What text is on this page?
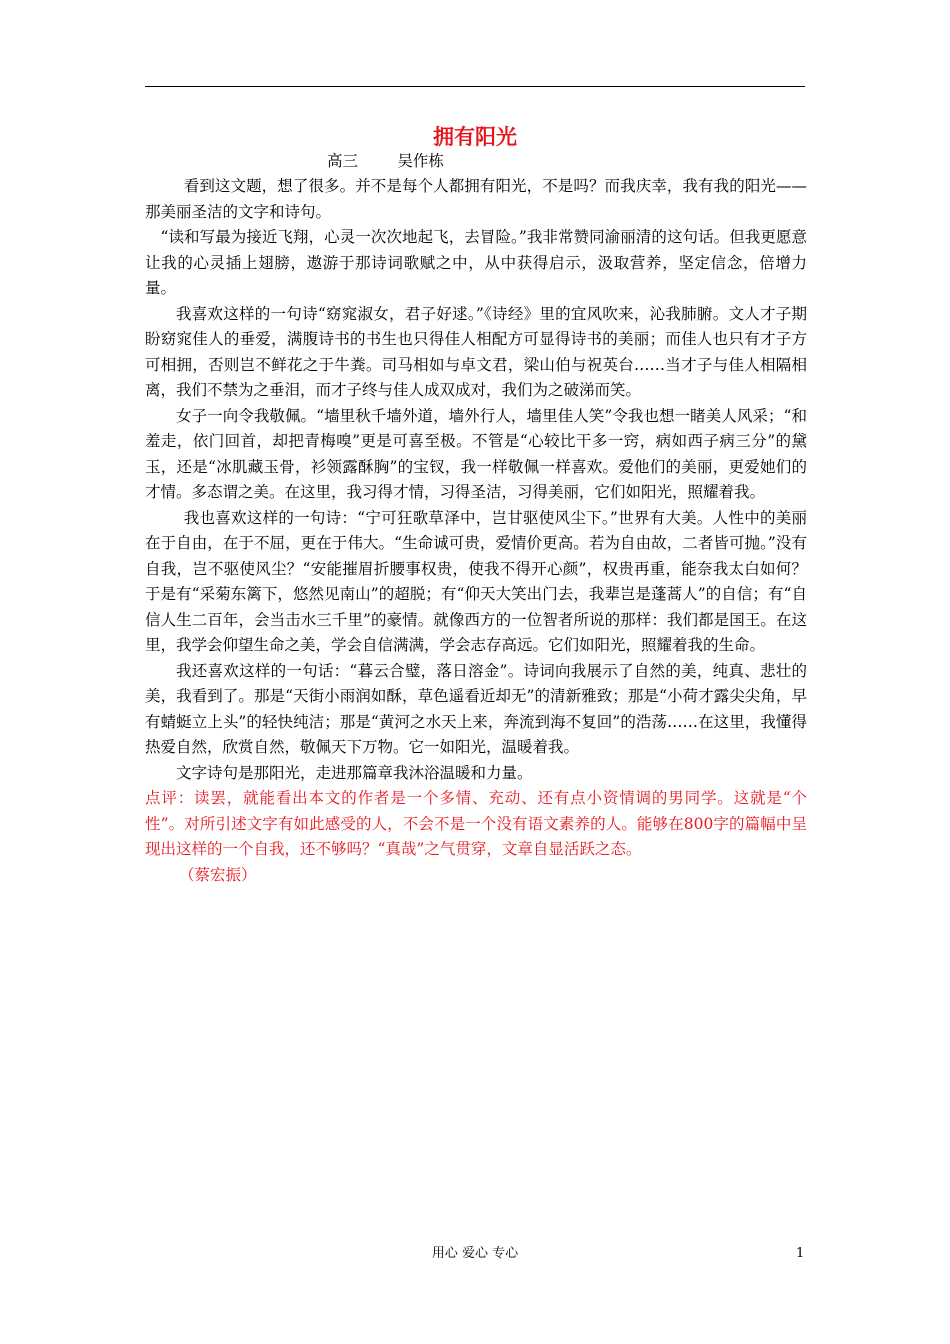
拥有阳光
高三        吴作栋

看到这文题，想了很多。并不是每个人都拥有阳光，不是吗？而我庆幸，我有我的阳光——那美丽圣洁的文字和诗句。

“读和写最为接近飞翔，心灵一次次地起飞，去冒险。”我非常赞同渝丽清的这句话。但我更愿意让我的心灵插上翅膀，遨游于那诗词歌赋之中，从中获得启示，汲取营养，坚定信念，倍增力量。

我喜欢这样的一句诗“窈窕淑女，君子好逑。”《诗经》里的宜风吹来，沁我肺腑。文人才子期盼窈窕佳人的垂爱，满腹诗书的书生也只得佳人相配方可显得诗书的美丽；而佳人也只有才子方可相拥，否则岂不鲜花之于牛粪。司马相如与卓文君，梁山伯与祝英台……当才子与佳人相隔相离，我们不禁为之垂泪，而才子终与佳人成双成对，我们为之破涕而笑。

女子一向令我敬佩。“墙里秋千墙外道，墙外行人，墙里佳人笑”令我也想一睹美人风采；“和羞走，依门回首，却把青梅嗅”更是可喜至极。不管是“心较比干多一窍，病如西子病三分”的黛玉，还是“冰肌藏玉骨，衫领露酥胸”的宝钗，我一样敬佩一样喜欢。爱他们的美丽，更爱她们的才情。多态谓之美。在这里，我习得才情，习得圣洁，习得美丽，它们如阳光，照耀着我。

我也喜欢这样的一句诗：“宁可狂歌草泽中，岂甘驱使风尘下。”世界有大美。人性中的美丽在于自由，在于不屈，更在于伟大。“生命诚可贵，爱情价更高。若为自由故，二者皆可抛。”没有自我，岂不驱使风尘？“安能摧眉折腰事权贵，使我不得开心颜”，权贵再重，能奈我太白如何？于是有“采菊东篱下，悠然见南山”的超脱；有“仰天大笑出门去，我辈岂是蓬蒿人”的自信；有“自信人生二百年，会当击水三千里”的豪情。就像西方的一位智者所说的那样：我们都是国王。在这里，我学会仰望生命之美，学会自信满满，学会志存高远。它们如阳光，照耀着我的生命。

我还喜欢这样的一句话：“暮云合璧，落日溶金”。诗词向我展示了自然的美，纯真、悲壮的美，我看到了。那是“天街小雨润如酥，草色遥看近却无”的清新雅致；那是“小荷才露尖尖角，早有蜻蜓立上头”的轻快纯洁；那是“黄河之水天上来，奔流到海不复回”的浩荡……在这里，我懂得热爱自然，欣赏自然，敬佩天下万物。它一如阳光，温暖着我。

文字诗句是那阳光，走进那篇章我沐浴温暖和力量。

点评：读罢，就能看出本文的作者是一个多情、充动、还有点小资情调的男同学。这就是“个性”。对所引述文字有如此感受的人，不会不是一个没有语文素养的人。能够在800字的篇幅中呈现出这样的一个自我，还不够吗？“真哉”之气贯穿，文章自显活跃之态。

（蔡宏振）

用心 爱心 专心	1
